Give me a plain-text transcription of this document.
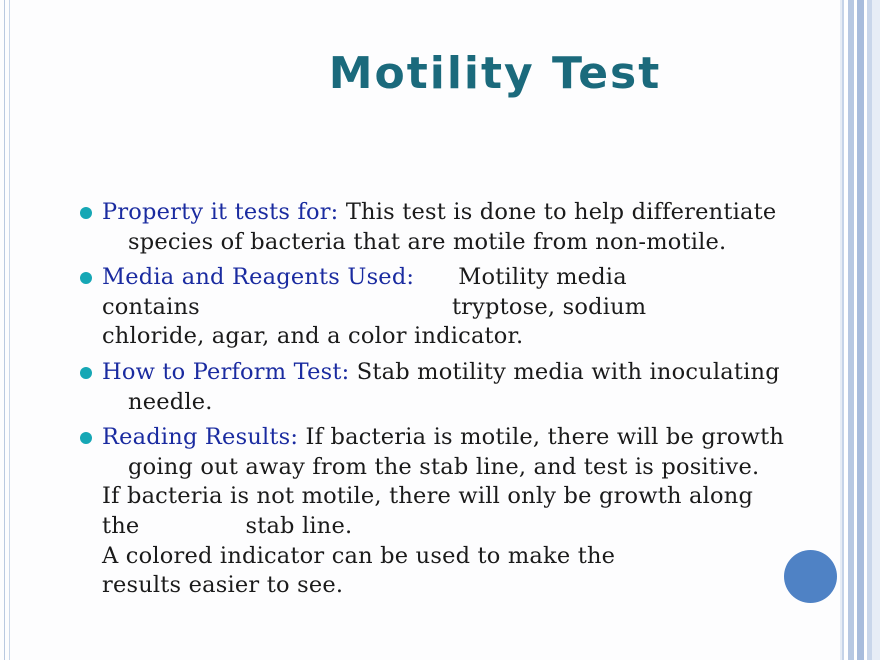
Motility Test
Property it tests for: This test is done to help differentiate
species of bacteria that are motile from non-motile.
Media and Reagents Used: Motility media
contains	tryptose, sodium
chloride, agar, and a color indicator.
How to Perform Test: Stab motility media with inoculating
needle.
Reading Results: If bacteria is motile, there will be growth
going out away from the stab line, and test is positive.
If bacteria is not motile, there will only be growth along
the	stab line.
A colored indicator can be used to make the
results easier to see.
